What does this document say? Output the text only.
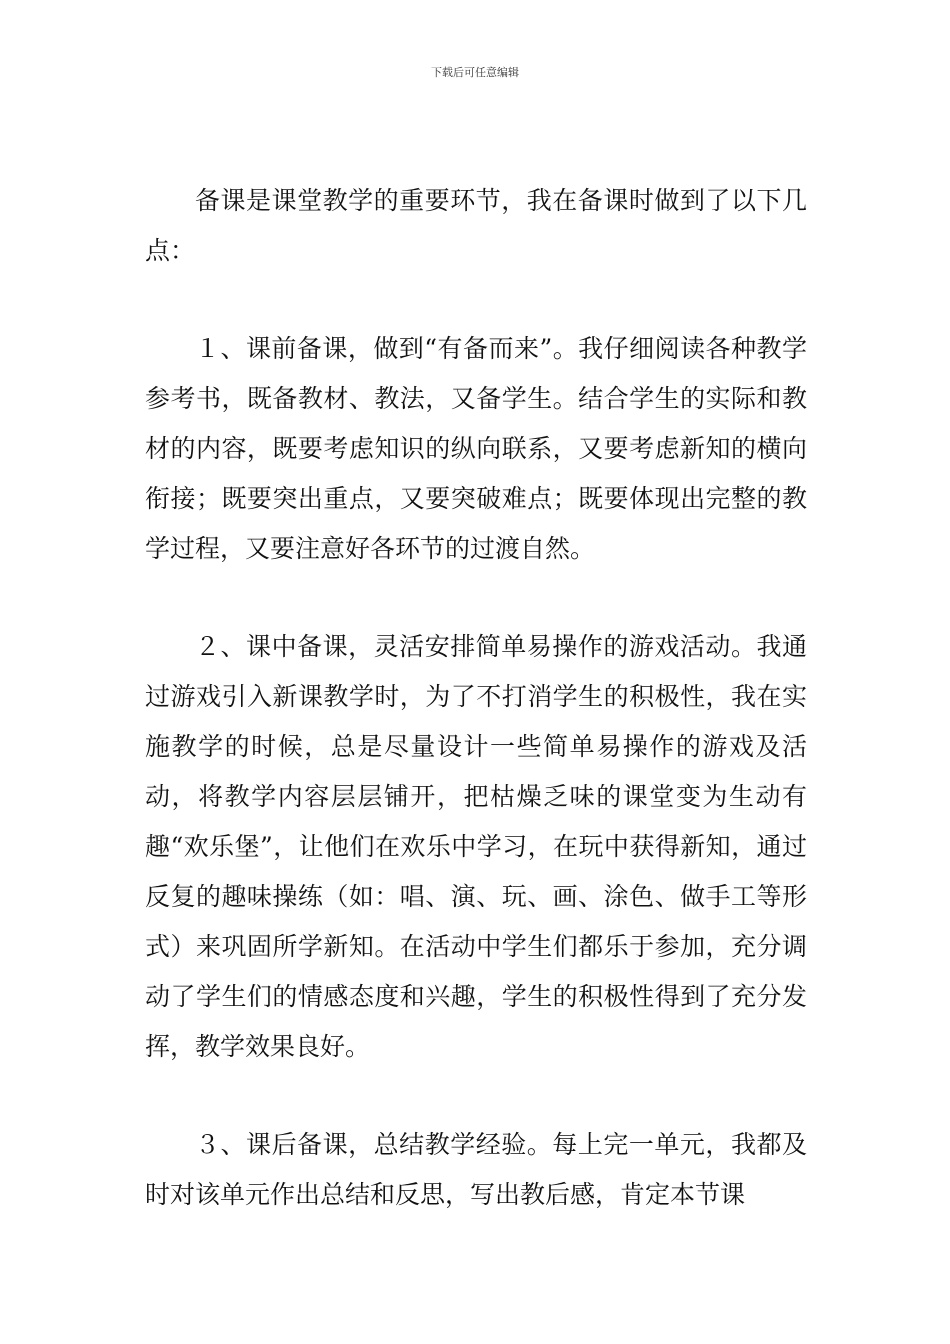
下载后可任意编辑

备课是课堂教学的重要环节，我在备课时做到了以下几点：

１、课前备课，做到“有备而来”。我仔细阅读各种教学参考书，既备教材、教法，又备学生。结合学生的实际和教材的内容，既要考虑知识的纵向联系，又要考虑新知的横向衔接；既要突出重点，又要突破难点；既要体现出完整的教学过程，又要注意好各环节的过渡自然。

２、课中备课，灵活安排简单易操作的游戏活动。我通过游戏引入新课教学时，为了不打消学生的积极性，我在实施教学的时候，总是尽量设计一些简单易操作的游戏及活动，将教学内容层层铺开，把枯燥乏味的课堂变为生动有趣“欢乐堡”，让他们在欢乐中学习，在玩中获得新知，通过反复的趣味操练（如：唱、演、玩、画、涂色、做手工等形式）来巩固所学新知。在活动中学生们都乐于参加，充分调动了学生们的情感态度和兴趣，学生的积极性得到了充分发挥，教学效果良好。

３、课后备课，总结教学经验。每上完一单元，我都及时对该单元作出总结和反思，写出教后感，肯定本节课
